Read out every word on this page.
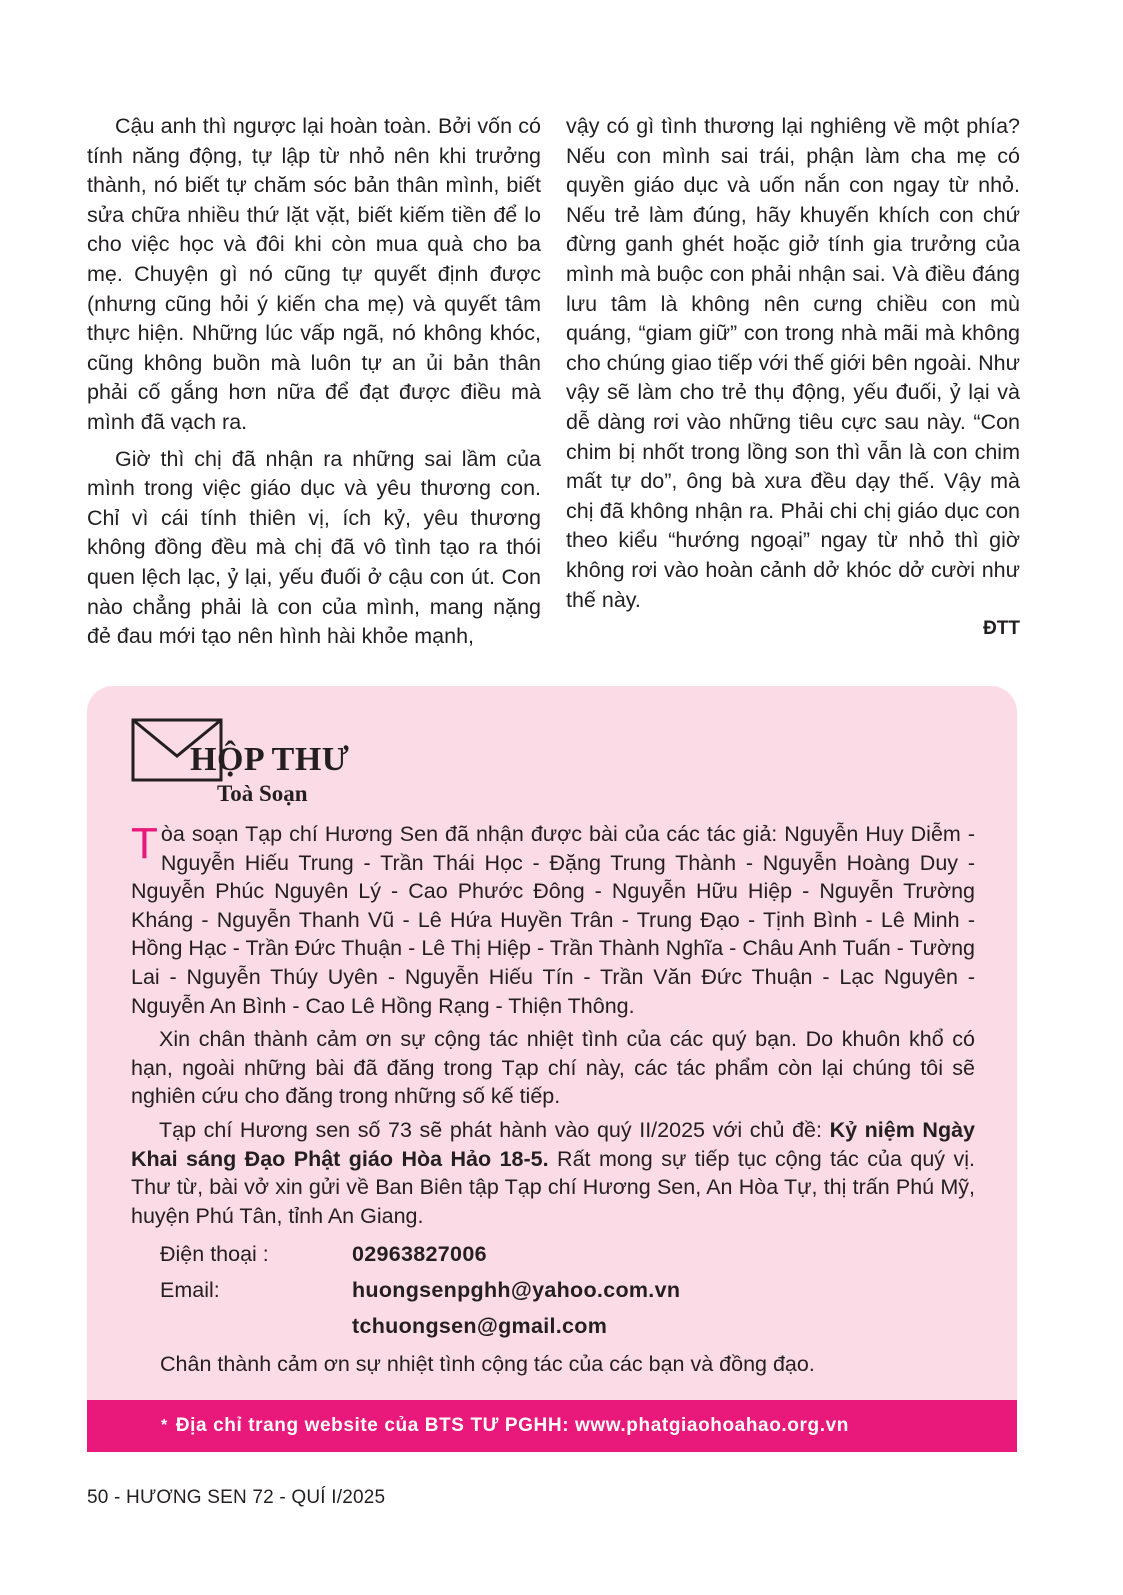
Cậu anh thì ngược lại hoàn toàn. Bởi vốn có tính năng động, tự lập từ nhỏ nên khi trưởng thành, nó biết tự chăm sóc bản thân mình, biết sửa chữa nhiều thứ lặt vặt, biết kiếm tiền để lo cho việc học và đôi khi còn mua quà cho ba mẹ. Chuyện gì nó cũng tự quyết định được (nhưng cũng hỏi ý kiến cha mẹ) và quyết tâm thực hiện. Những lúc vấp ngã, nó không khóc, cũng không buồn mà luôn tự an ủi bản thân phải cố gắng hơn nữa để đạt được điều mà mình đã vạch ra.

Giờ thì chị đã nhận ra những sai lầm của mình trong việc giáo dục và yêu thương con. Chỉ vì cái tính thiên vị, ích kỷ, yêu thương không đồng đều mà chị đã vô tình tạo ra thói quen lệch lạc, ỷ lại, yếu đuối ở cậu con út. Con nào chẳng phải là con của mình, mang nặng đẻ đau mới tạo nên hình hài khỏe mạnh,

vậy có gì tình thương lại nghiêng về một phía? Nếu con mình sai trái, phận làm cha mẹ có quyền giáo dục và uốn nắn con ngay từ nhỏ. Nếu trẻ làm đúng, hãy khuyến khích con chứ đừng ganh ghét hoặc giở tính gia trưởng của mình mà buộc con phải nhận sai. Và điều đáng lưu tâm là không nên cưng chiều con mù quáng, “giam giữ” con trong nhà mãi mà không cho chúng giao tiếp với thế giới bên ngoài. Như vậy sẽ làm cho trẻ thụ động, yếu đuối, ỷ lại và dễ dàng rơi vào những tiêu cực sau này. “Con chim bị nhốt trong lồng son thì vẫn là con chim mất tự do”, ông bà xưa đều dạy thế. Vậy mà chị đã không nhận ra. Phải chi chị giáo dục con theo kiểu “hướng ngoại” ngay từ nhỏ thì giờ không rơi vào hoàn cảnh dở khóc dở cười như thế này.

ĐTT
HỘP THƯ
Toà Soạn

Tòa soạn Tạp chí Hương Sen đã nhận được bài của các tác giả: Nguyễn Huy Diễm - Nguyễn Hiếu Trung - Trần Thái Học - Đặng Trung Thành - Nguyễn Hoàng Duy - Nguyễn Phúc Nguyên Lý - Cao Phước Đông - Nguyễn Hữu Hiệp - Nguyễn Trường Kháng - Nguyễn Thanh Vũ - Lê Hứa Huyền Trân - Trung Đạo - Tịnh Bình - Lê Minh - Hồng Hạc - Trần Đức Thuận - Lê Thị Hiệp - Trần Thành Nghĩa - Châu Anh Tuấn - Tường Lai - Nguyễn Thúy Uyên - Nguyễn Hiếu Tín - Trần Văn Đức Thuận - Lạc Nguyên - Nguyễn An Bình - Cao Lê Hồng Rạng - Thiện Thông.

Xin chân thành cảm ơn sự cộng tác nhiệt tình của các quý bạn. Do khuôn khổ có hạn, ngoài những bài đã đăng trong Tạp chí này, các tác phẩm còn lại chúng tôi sẽ nghiên cứu cho đăng trong những số kế tiếp.

Tạp chí Hương sen số 73 sẽ phát hành vào quý II/2025 với chủ đề: Kỷ niệm Ngày Khai sáng Đạo Phật giáo Hòa Hảo 18-5. Rất mong sự tiếp tục cộng tác của quý vị. Thư từ, bài vở xin gửi về Ban Biên tập Tạp chí Hương Sen, An Hòa Tự, thị trấn Phú Mỹ, huyện Phú Tân, tỉnh An Giang.

Điện thoại :	02963827006
Email:	huongsenpghh@yahoo.com.vn
tchuongsen@gmail.com
Chân thành cảm ơn sự nhiệt tình cộng tác của các bạn và đồng đạo.
* Địa chỉ trang website của BTS TƯ PGHH: www.phatgiaohoahao.org.vn
50 - HƯƠNG SEN 72 - QUÍ I/2025
